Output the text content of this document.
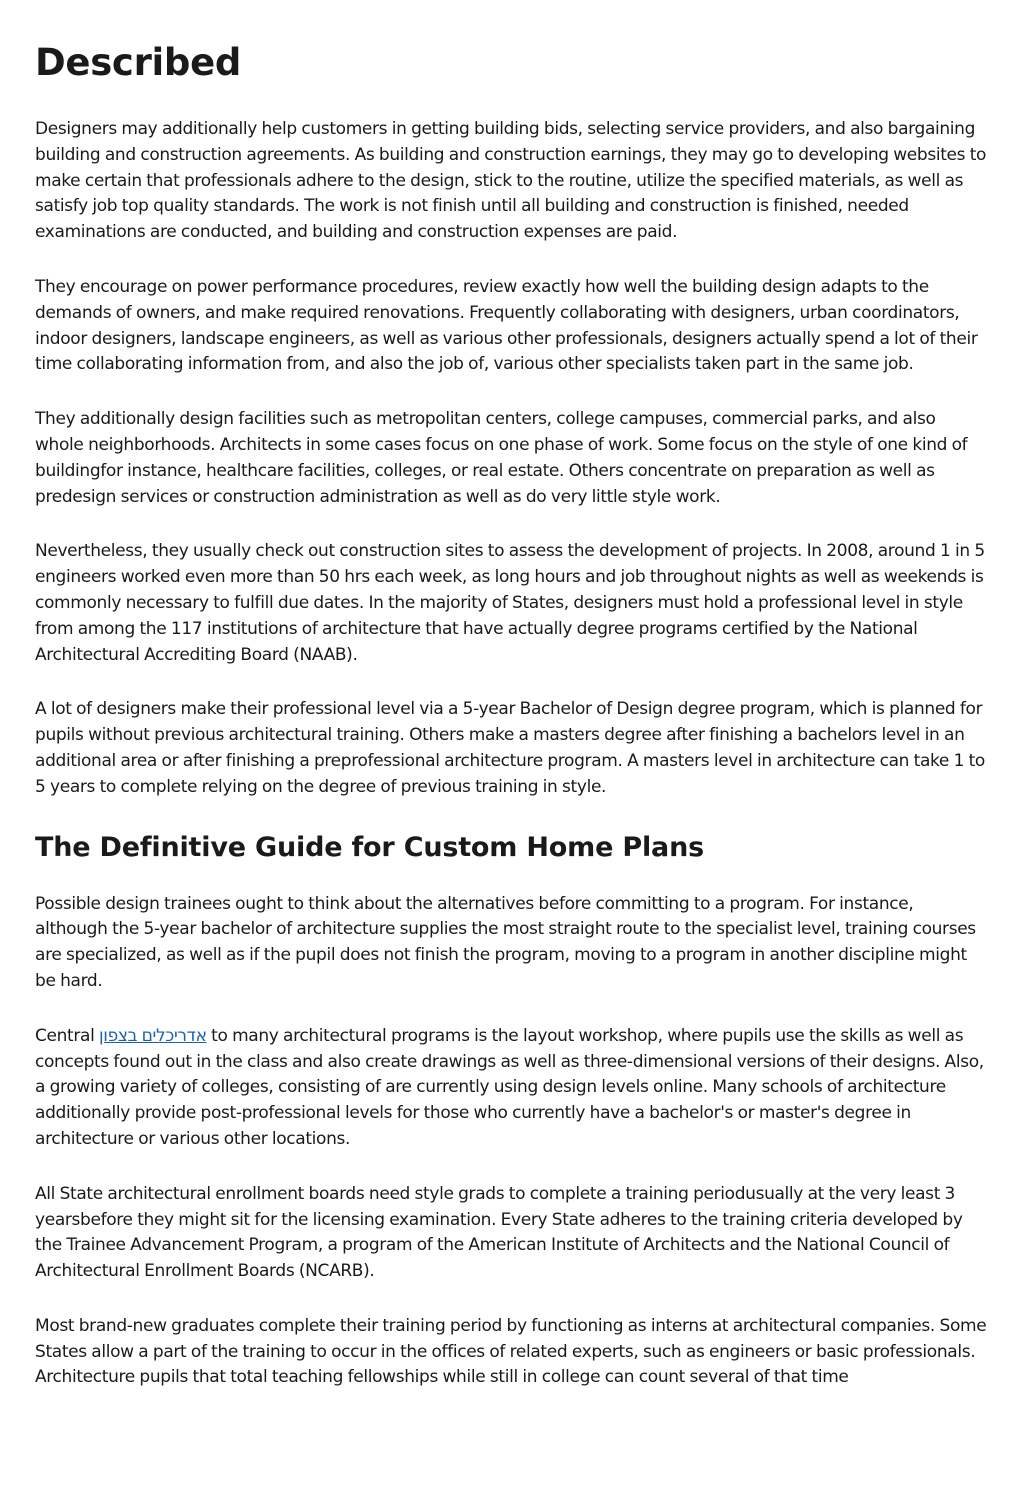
Described

Designers may additionally help customers in getting building bids, selecting service providers, and also bargaining building and construction agreements. As building and construction earnings, they may go to developing websites to make certain that professionals adhere to the design, stick to the routine, utilize the specified materials, as well as satisfy job top quality standards. The work is not finish until all building and construction is finished, needed examinations are conducted, and building and construction expenses are paid.

They encourage on power performance procedures, review exactly how well the building design adapts to the demands of owners, and make required renovations. Frequently collaborating with designers, urban coordinators, indoor designers, landscape engineers, as well as various other professionals, designers actually spend a lot of their time collaborating information from, and also the job of, various other specialists taken part in the same job.

They additionally design facilities such as metropolitan centers, college campuses, commercial parks, and also whole neighborhoods. Architects in some cases focus on one phase of work. Some focus on the style of one kind of buildingfor instance, healthcare facilities, colleges, or real estate. Others concentrate on preparation as well as predesign services or construction administration as well as do very little style work.

Nevertheless, they usually check out construction sites to assess the development of projects. In 2008, around 1 in 5 engineers worked even more than 50 hrs each week, as long hours and job throughout nights as well as weekends is commonly necessary to fulfill due dates. In the majority of States, designers must hold a professional level in style from among the 117 institutions of architecture that have actually degree programs certified by the National Architectural Accrediting Board (NAAB).

A lot of designers make their professional level via a 5-year Bachelor of Design degree program, which is planned for pupils without previous architectural training. Others make a masters degree after finishing a bachelors level in an additional area or after finishing a preprofessional architecture program. A masters level in architecture can take 1 to 5 years to complete relying on the degree of previous training in style.

The Definitive Guide for Custom Home Plans

Possible design trainees ought to think about the alternatives before committing to a program. For instance, although the 5-year bachelor of architecture supplies the most straight route to the specialist level, training courses are specialized, as well as if the pupil does not finish the program, moving to a program in another discipline might be hard.

Central אדריכלים בצפון to many architectural programs is the layout workshop, where pupils use the skills as well as concepts found out in the class and also create drawings as well as three-dimensional versions of their designs. Also, a growing variety of colleges, consisting of are currently using design levels online. Many schools of architecture additionally provide post-professional levels for those who currently have a bachelor's or master's degree in architecture or various other locations.

All State architectural enrollment boards need style grads to complete a training periodusually at the very least 3 yearsbefore they might sit for the licensing examination. Every State adheres to the training criteria developed by the Trainee Advancement Program, a program of the American Institute of Architects and the National Council of Architectural Enrollment Boards (NCARB).

Most brand-new graduates complete their training period by functioning as interns at architectural companies. Some States allow a part of the training to occur in the offices of related experts, such as engineers or basic professionals. Architecture pupils that total teaching fellowships while still in college can count several of that time
